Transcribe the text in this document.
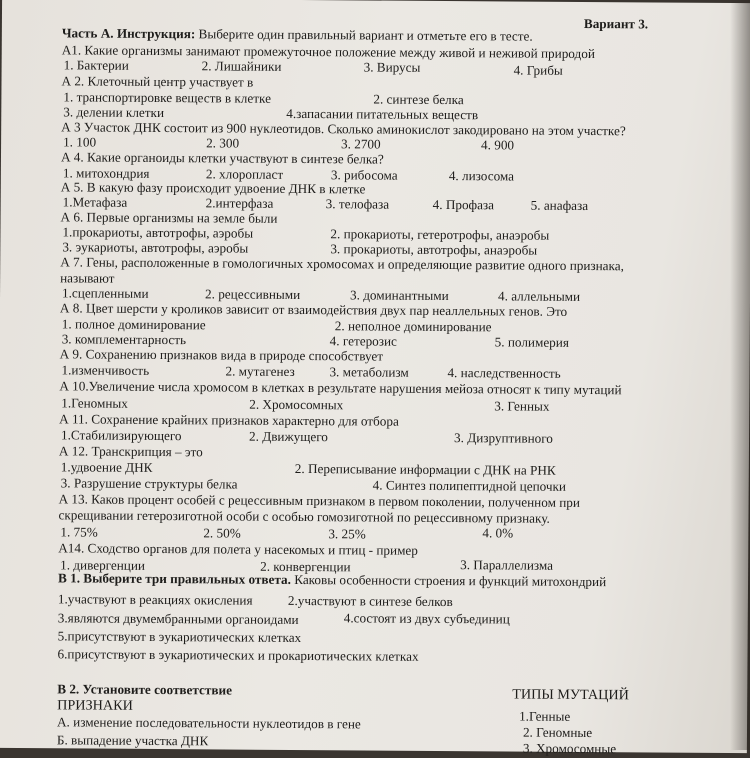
Вариант 3.
Часть А. Инструкция: Выберите один правильный вариант и отметьте его в тесте.
А1. Какие организмы занимают промежуточное положение между живой и неживой природой
1. Бактерии	2. Лишайники	3. Вирусы	4. Грибы
А 2. Клеточный центр участвует в
1. транспортировке веществ в клетке	2. синтезе белка
3. делении клетки	4.запасании питательных веществ
А 3 Участок ДНК состоит из 900 нуклеотидов. Сколько аминокислот закодировано на этом участке?
1. 100	2. 300	3. 2700	4. 900
А 4. Какие органоиды клетки участвуют в синтезе белка?
1. митохондрия	2. хлоропласт	3. рибосома	4. лизосома
А 5. В какую фазу происходит удвоение ДНК в клетке
1.Метафаза	2.интерфаза	3. телофаза	4. Профаза	5. анафаза
А 6. Первые организмы на земле были
1.прокариоты, автотрофы, аэробы	2. прокариоты, гетеротрофы, анаэробы
3. эукариоты, автотрофы, аэробы	3. прокариоты, автотрофы, анаэробы
А 7. Гены, расположенные в гомологичных хромосомах и определяющие развитие одного признака,
называют
1.сцепленными	2. рецессивными	3. доминантными	4. аллельными
А 8. Цвет шерсти у кроликов зависит от взаимодействия двух пар неаллельных генов. Это
1. полное доминирование	2. неполное доминирование
3. комплементарность	4. гетерозис	5. полимерия
А 9. Сохранению признаков вида в природе способствует
1.изменчивость	2. мутагенез	3. метаболизм	4. наследственность
А 10.Увеличение числа хромосом в клетках в результате нарушения мейоза относят к типу мутаций
1.Геномных	2. Хромосомных	3. Генных
А 11. Сохранение крайних признаков характерно для отбора
1.Стабилизирующего	2. Движущего	3. Дизруптивного
А 12. Транскрипция – это
1.удвоение ДНК	2. Переписывание информации с ДНК на РНК
3. Разрушение структуры белка	4. Синтез полипептидной цепочки
А 13. Каков процент особей с рецессивным признаком в первом поколении, полученном при
скрещивании гетерозиготной особи с особью гомозиготной по рецессивному признаку.
1. 75%	2. 50%	3. 25%	4. 0%
А14. Сходство органов для полета у насекомых и птиц - пример
1. дивергенции	2. конвергенции	3. Параллелизма
В 1. Выберите три правильных ответа. Каковы особенности строения и функций митохондрий
1.участвуют в реакциях окисления	2.участвуют в синтезе белков
3.являются двумембранными органоидами	4.состоят из двух субъединиц
5.присутствуют в эукариотических клетках
6.присутствуют в эукариотических и прокариотических клетках
В 2. Установите соответствие	ТИПЫ МУТАЦИЙ
ПРИЗНАКИ
1.Генные
А. изменение последовательности нуклеотидов в гене
2. Геномные
Б. выпадение участка ДНК
3. Хромосомные
